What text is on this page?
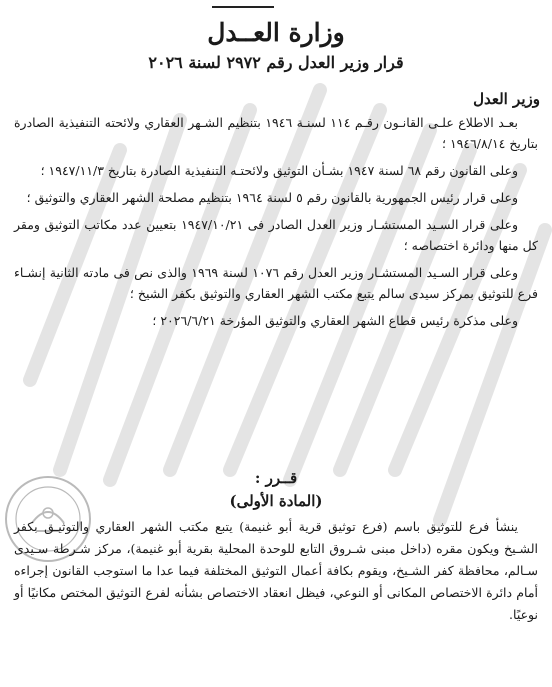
وزارة العــدل
قرار وزير العدل رقم ٢٩٧٢ لسنة ٢٠٢٦
وزير العدل

بعـد الاطلاع علـى القانـون رقـم ١١٤ لسنـة ١٩٤٦ بتنظيم الشـهر العقاري ولائحته التنفيذية الصادرة بتاريخ ١٩٤٦/٨/١٤ ؛

وعلى القانون رقم ٦٨ لسنة ١٩٤٧ بشـأن التوثيق ولائحتـه التنفيذية الصادرة بتاريخ ١٩٤٧/١١/٣ ؛

وعلى قرار رئيس الجمهورية بالقانون رقم ٥ لسنة ١٩٦٤ بتنظيم مصلحة الشهر العقاري والتوثيق ؛

وعلى قرار السـيد المستشـار وزير العدل الصادر فى ١٩٤٧/١٠/٢١ بتعيين عدد مكاتب التوثيق ومقر كل منها ودائرة اختصاصه ؛

وعلى قرار السـيد المستشـار وزير العدل رقم ١٠٧٦ لسنة ١٩٦٩ والذى نص فى مادته الثانية إنشـاء فرع للتوثيق بمركز سيدى سالم يتبع مكتب الشهر العقاري والتوثيق بكفر الشيخ ؛

وعلى مذكرة رئيس قطاع الشهر العقاري والتوثيق المؤرخة ٢٠٢٦/٦/٢١ ؛

قــرر :
(المادة الأولى)

ينشأ فرع للتوثيق باسم (فرع توثيق قرية أبو غنيمة) يتبع مكتب الشهر العقاري والتوثيـق بكفر الشـيخ ويكون مقره (داخل مبنى شـروق التابع للوحدة المحلية بقرية أبو غنيمة)، مركز شـرطة سـيدى سـالم، محافظة كفر الشـيخ، ويقوم بكافة أعمال التوثيق المختلفة فيما عدا ما استوجب القانون إجراءه أمام دائرة الاختصاص المكانى أو النوعي، فيظل انعقاد الاختصاص بشأنه لفرع التوثيق المختص مكانيًا أو نوعيًا.
